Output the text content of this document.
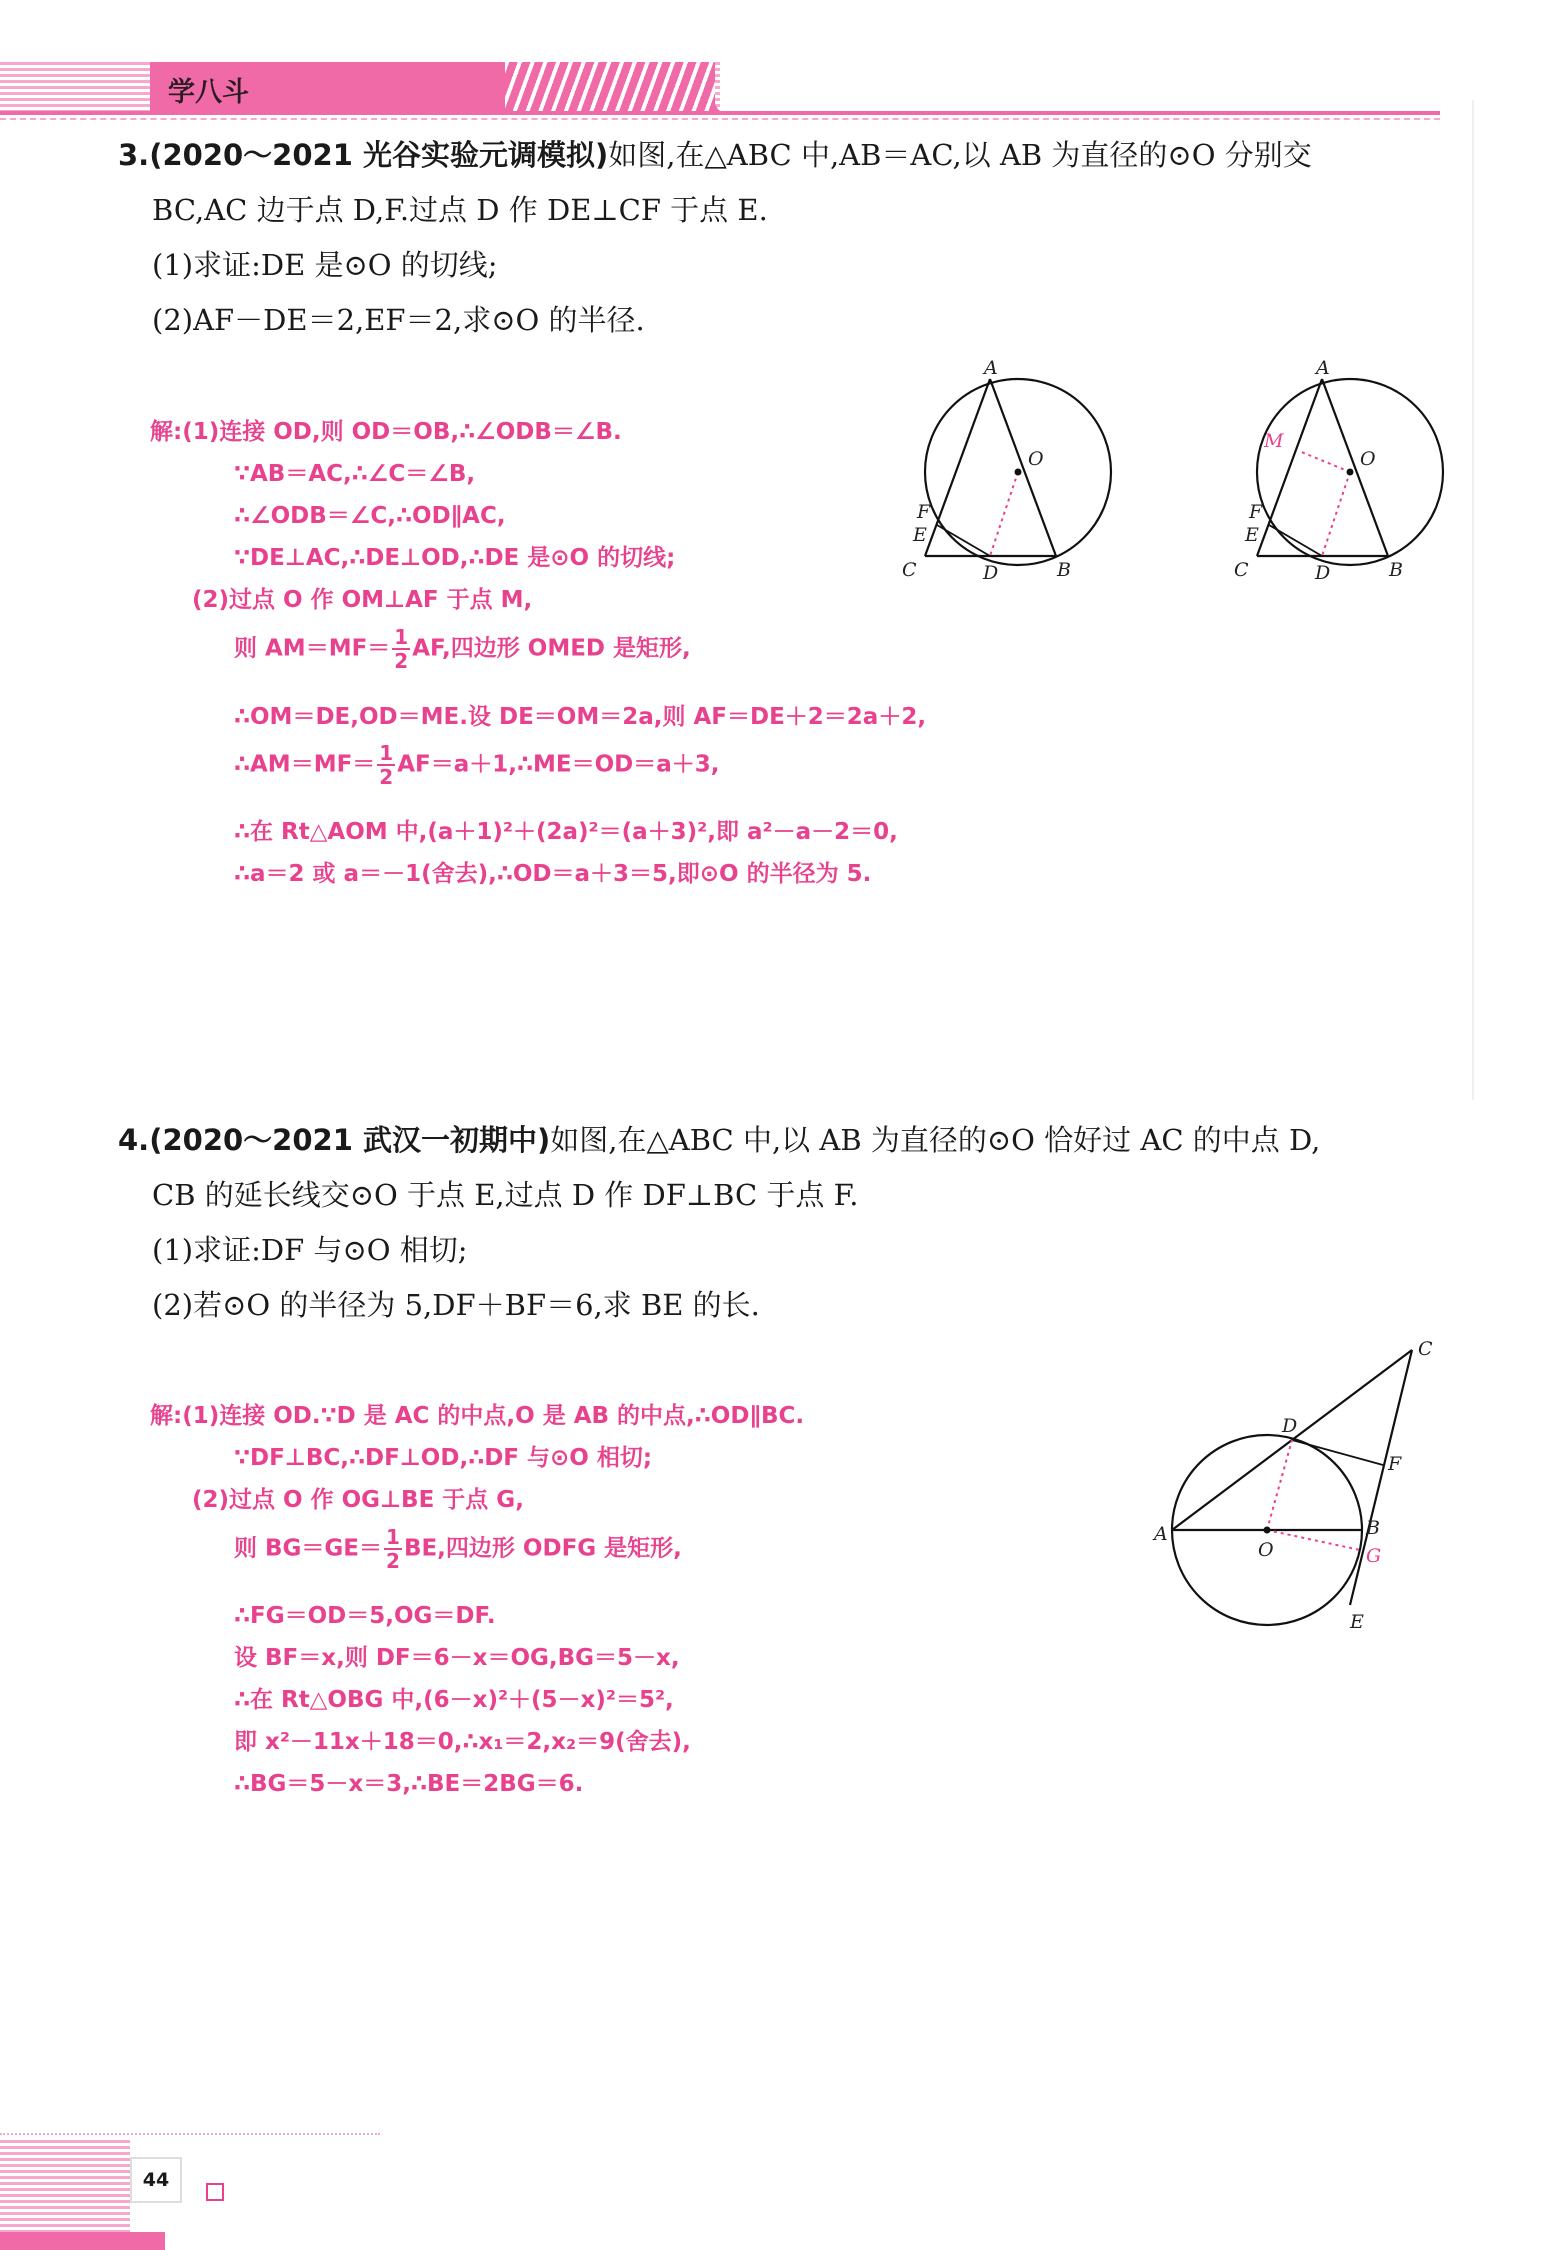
学八斗
3.(2020～2021 光谷实验元调模拟)如图,在△ABC 中,AB＝AC,以 AB 为直径的⊙O 分别交
BC,AC 边于点 D,F.过点 D 作 DE⊥CF 于点 E.
(1)求证:DE 是⊙O 的切线;
(2)AF－DE＝2,EF＝2,求⊙O 的半径.
解:(1)连接 OD,则 OD＝OB,∴∠ODB＝∠B.
∵AB＝AC,∴∠C＝∠B,
∴∠ODB＝∠C,∴OD∥AC,
∵DE⊥AC,∴DE⊥OD,∴DE 是⊙O 的切线;
(2)过点 O 作 OM⊥AF 于点 M,
则 $AM=MF= \frac{1}{2}$ AF,四边形 OMED 是矩形,
∴OM＝DE,OD＝ME.设 DE＝OM＝2a,则 AF＝DE＋2＝2a＋2,
∴AM＝MF＝ $\frac{1}{2}$ AF＝a＋1,∴ME＝OD＝a＋3,
∴在 Rt△AOM 中,(a＋1)²＋(2a)²＝(a＋3)²,即 a²－a－2＝0,
∴a＝2 或 a＝－1(舍去),∴OD＝a＋3＝5,即⊙O 的半径为 5.
A
O
F
E
C	D	B
A
O
M
F
E
C	D	B
4.(2020～2021 武汉一初期中)如图,在△ABC 中,以 AB 为直径的⊙O 恰好过 AC 的中点 D,
CB 的延长线交⊙O 于点 E,过点 D 作 DF⊥BC 于点 F.
(1)求证:DF 与⊙O 相切;
(2)若⊙O 的半径为 5,DF＋BF＝6,求 BE 的长.
解:(1)连接 OD.∵D 是 AC 的中点,O 是 AB 的中点,∴OD∥BC.
∵DF⊥BC,∴DF⊥OD,∴DF 与⊙O 相切;
(2)过点 O 作 OG⊥BE 于点 G,
则 $BG=GE= \frac{1}{2}$ BE,四边形 ODFG 是矩形,
∴FG＝OD＝5,OG＝DF.
设 BF＝x,则 DF＝6－x＝OG,BG＝5－x,
∴在 Rt△OBG 中,(6－x)²＋(5－x)²＝5²,
即 x²－11x＋18＝0,∴x₁＝2,x₂＝9(舍去),
∴BG＝5－x＝3,∴BE＝2BG＝6.
C
D
F
A
O
B
G
E
44
